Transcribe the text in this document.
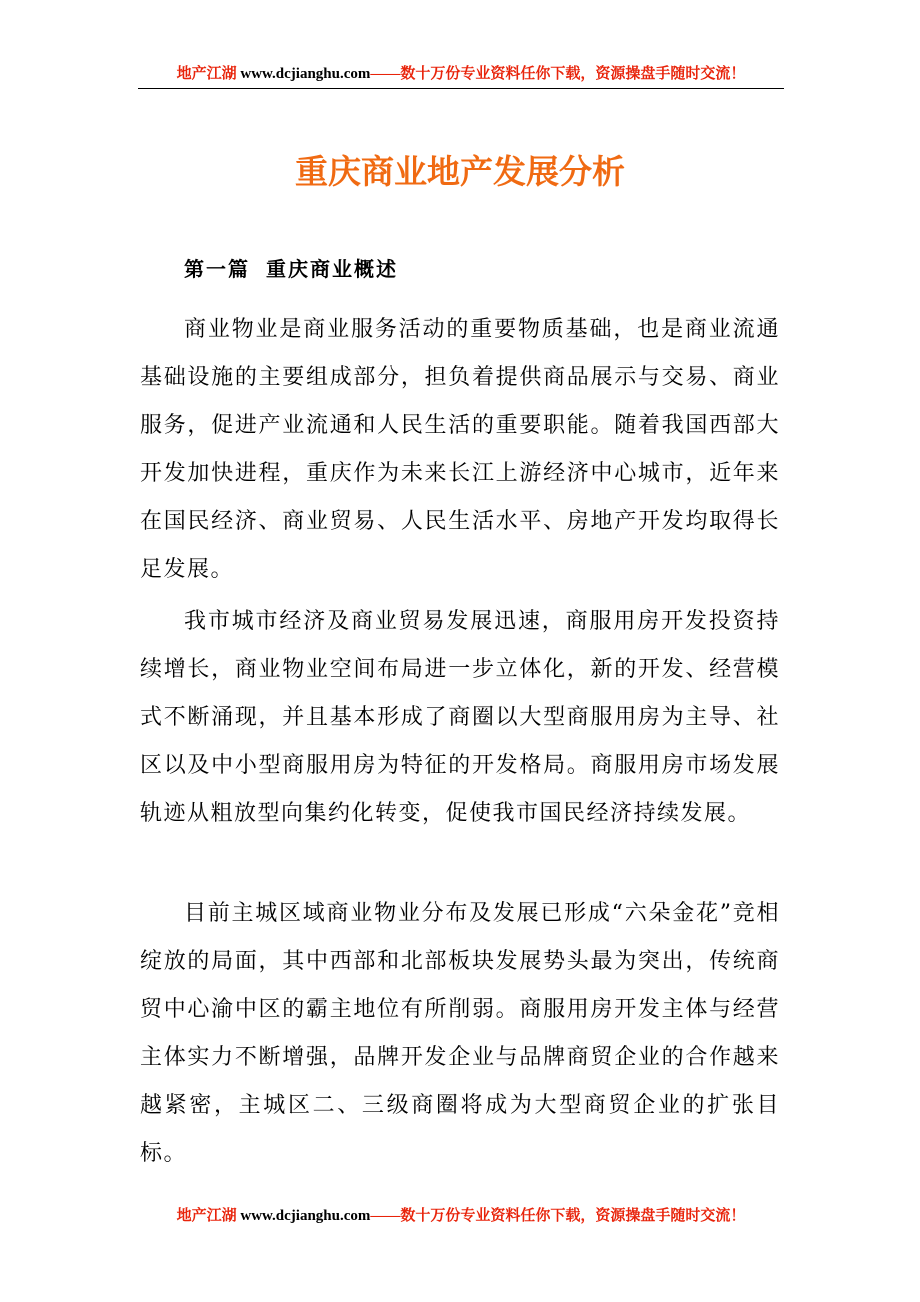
地产江湖 www.dcjianghu.com——数十万份专业资料任你下载，资源操盘手随时交流！
重庆商业地产发展分析
第一篇 重庆商业概述

商业物业是商业服务活动的重要物质基础，也是商业流通基础设施的主要组成部分，担负着提供商品展示与交易、商业服务，促进产业流通和人民生活的重要职能。随着我国西部大开发加快进程，重庆作为未来长江上游经济中心城市，近年来在国民经济、商业贸易、人民生活水平、房地产开发均取得长足发展。

我市城市经济及商业贸易发展迅速，商服用房开发投资持续增长，商业物业空间布局进一步立体化，新的开发、经营模式不断涌现，并且基本形成了商圈以大型商服用房为主导、社区以及中小型商服用房为特征的开发格局。商服用房市场发展轨迹从粗放型向集约化转变，促使我市国民经济持续发展。

目前主城区域商业物业分布及发展已形成“六朵金花”竞相绽放的局面，其中西部和北部板块发展势头最为突出，传统商贸中心渝中区的霸主地位有所削弱。商服用房开发主体与经营主体实力不断增强，品牌开发企业与品牌商贸企业的合作越来越紧密，主城区二、三级商圈将成为大型商贸企业的扩张目标。

地产江湖 www.dcjianghu.com——数十万份专业资料任你下载，资源操盘手随时交流！
